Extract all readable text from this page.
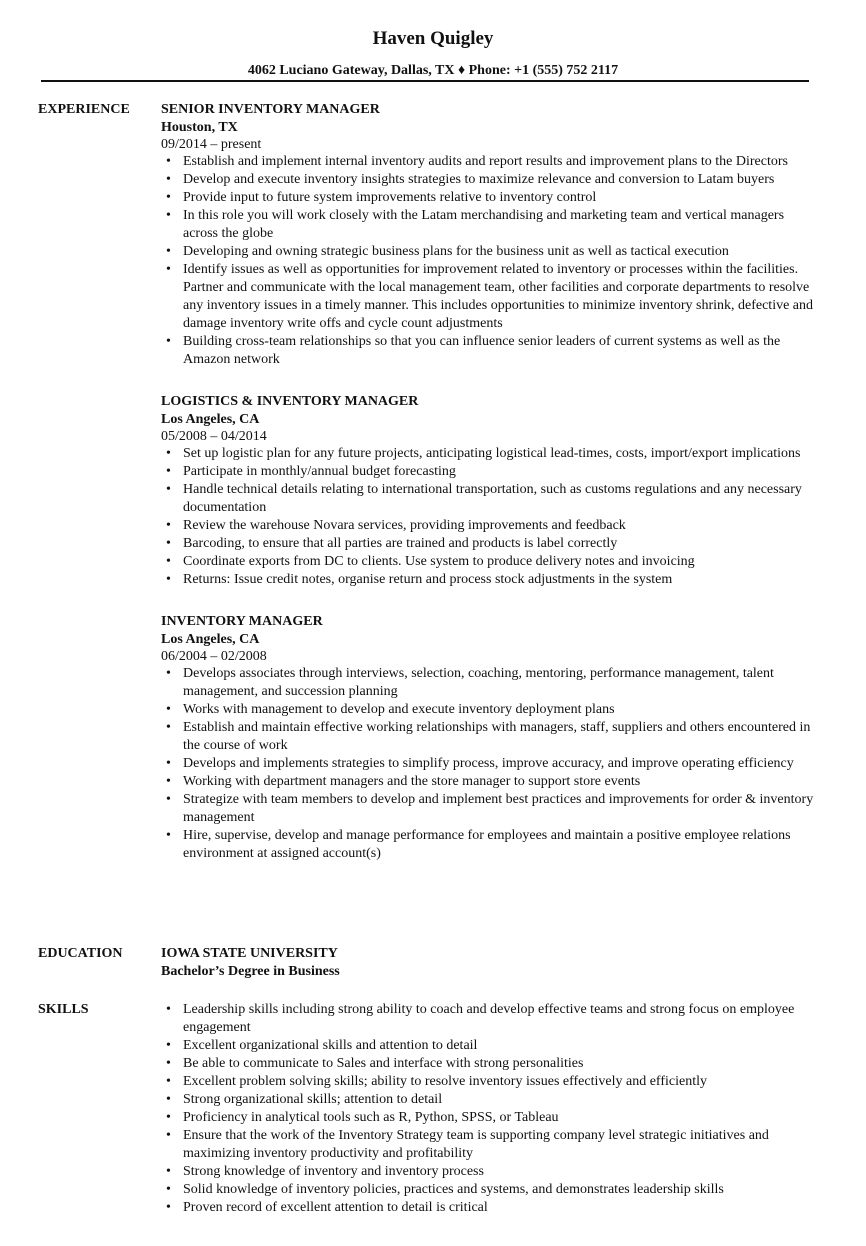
Haven Quigley
4062 Luciano Gateway, Dallas, TX ♦ Phone: +1 (555) 752 2117
EXPERIENCE SENIOR INVENTORY MANAGER
Houston, TX
09/2014 – present
• Establish and implement internal inventory audits and report results and improvement plans to the Directors
• Develop and execute inventory insights strategies to maximize relevance and conversion to Latam buyers
• Provide input to future system improvements relative to inventory control
• In this role you will work closely with the Latam merchandising and marketing team and vertical managers across the globe
• Developing and owning strategic business plans for the business unit as well as tactical execution
• Identify issues as well as opportunities for improvement related to inventory or processes within the facilities. Partner and communicate with the local management team, other facilities and corporate departments to resolve any inventory issues in a timely manner. This includes opportunities to minimize inventory shrink, defective and damage inventory write offs and cycle count adjustments
• Building cross-team relationships so that you can influence senior leaders of current systems as well as the Amazon network
LOGISTICS & INVENTORY MANAGER
Los Angeles, CA
05/2008 – 04/2014
• Set up logistic plan for any future projects, anticipating logistical lead-times, costs, import/export implications
• Participate in monthly/annual budget forecasting
• Handle technical details relating to international transportation, such as customs regulations and any necessary documentation
• Review the warehouse Novara services, providing improvements and feedback
• Barcoding, to ensure that all parties are trained and products is label correctly
• Coordinate exports from DC to clients. Use system to produce delivery notes and invoicing
• Returns: Issue credit notes, organise return and process stock adjustments in the system
INVENTORY MANAGER
Los Angeles, CA
06/2004 – 02/2008
• Develops associates through interviews, selection, coaching, mentoring, performance management, talent management, and succession planning
• Works with management to develop and execute inventory deployment plans
• Establish and maintain effective working relationships with managers, staff, suppliers and others encountered in the course of work
• Develops and implements strategies to simplify process, improve accuracy, and improve operating efficiency
• Working with department managers and the store manager to support store events
• Strategize with team members to develop and implement best practices and improvements for order & inventory management
• Hire, supervise, develop and manage performance for employees and maintain a positive employee relations environment at assigned account(s)
EDUCATION	IOWA STATE UNIVERSITY
Bachelor’s Degree in Business
SKILLS
•	Leadership skills including strong ability to coach and develop effective teams and strong focus on employee engagement
• Excellent organizational skills and attention to detail
• Be able to communicate to Sales and interface with strong personalities
• Excellent problem solving skills; ability to resolve inventory issues effectively and efficiently
• Strong organizational skills; attention to detail
• Proficiency in analytical tools such as R, Python, SPSS, or Tableau
• Ensure that the work of the Inventory Strategy team is supporting company level strategic initiatives and maximizing inventory productivity and profitability
• Strong knowledge of inventory and inventory process
• Solid knowledge of inventory policies, practices and systems, and demonstrates leadership skills
• Proven record of excellent attention to detail is critical
